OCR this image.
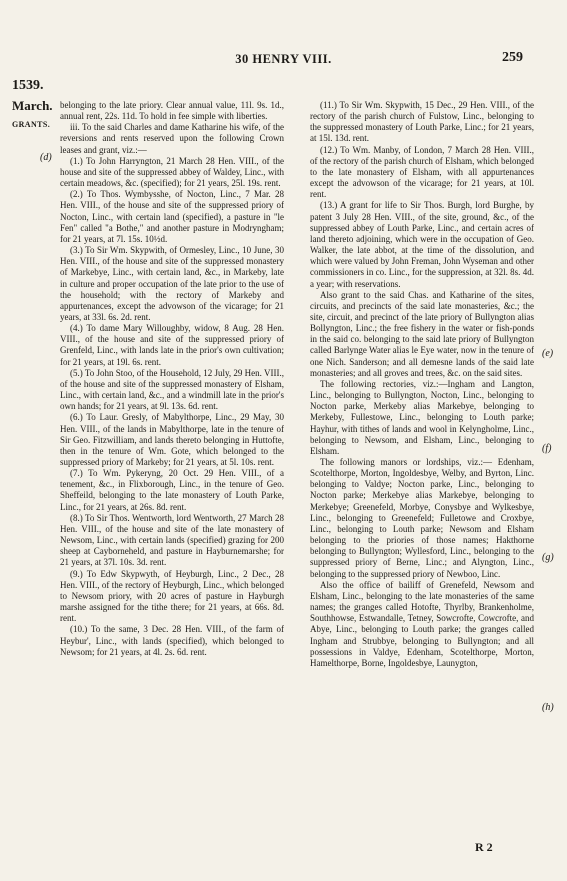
30 HENRY VIII.	259
1539.
March.
GRANTS.
(d)
(e)
(f)
(g)
(h)

belonging to the late priory. Clear annual value, 11l. 9s. 1d., annual rent, 22s. 11d. To hold in fee simple with liberties.

iii. To the said Charles and dame Katharine his wife, of the reversions and rents reserved upon the following Crown leases and grant, viz.:—

(1.) To John Harryngton, 21 March 28 Hen. VIII., of the house and site of the suppressed abbey of Waldey, Linc., with certain meadows, &c. (specified); for 21 years, 25l. 19s. rent.

(2.) To Thos. Wymbysshe, of Nocton, Linc., 7 Mar. 28 Hen. VIII., of the house and site of the suppressed priory of Nocton, Linc., with certain land (specified), a pasture in "le Fen" called "a Bothe," and another pasture in Modryngham; for 21 years, at 7l. 15s. 10½d.

(3.) To Sir Wm. Skypwith, of Ormesley, Linc., 10 June, 30 Hen. VIII., of the house and site of the suppressed monastery of Markebye, Linc., with certain land, &c., in Markeby, late in culture and proper occupation of the late prior to the use of the household; with the rectory of Markeby and appurtenances, except the advowson of the vicarage; for 21 years, at 33l. 6s. 2d. rent.

(4.) To dame Mary Willoughby, widow, 8 Aug. 28 Hen. VIII., of the house and site of the suppressed priory of Grenfeld, Linc., with lands late in the prior's own cultivation; for 21 years, at 19l. 6s. rent.

(5.) To John Stoo, of the Household, 12 July, 29 Hen. VIII., of the house and site of the suppressed monastery of Elsham, Linc., with certain land, &c., and a windmill late in the prior's own hands; for 21 years, at 9l. 13s. 6d. rent.

(6.) To Laur. Gresly, of Mabylthorpe, Linc., 29 May, 30 Hen. VIII., of the lands in Mabylthorpe, late in the tenure of Sir Geo. Fitzwilliam, and lands thereto belonging in Huttofte, then in the tenure of Wm. Gote, which belonged to the suppressed priory of Markeby; for 21 years, at 5l. 10s. rent.

(7.) To Wm. Pykeryng, 20 Oct. 29 Hen. VIII., of a tenement, &c., in Flixborough, Linc., in the tenure of Geo. Sheffeild, belonging to the late monastery of Louth Parke, Linc., for 21 years, at 26s. 8d. rent.

(8.) To Sir Thos. Wentworth, lord Wentworth, 27 March 28 Hen. VIII., of the house and site of the late monastery of Newsom, Linc., with certain lands (specified) grazing for 200 sheep at Cayborneheld, and pasture in Hayburnemarshe; for 21 years, at 37l. 10s. 3d. rent.

(9.) To Edw Skypwyth, of Heyburgh, Linc., 2 Dec., 28 Hen. VIII., of the rectory of Heyburgh, Linc., which belonged to Newsom priory, with 20 acres of pasture in Hayburgh marshe assigned for the tithe there; for 21 years, at 66s. 8d. rent.

(10.) To the same, 3 Dec. 28 Hen. VIII., of the farm of Heybur', Linc., with lands (specified), which belonged to Newsom; for 21 years, at 4l. 2s. 6d. rent.

(11.) To Sir Wm. Skypwith, 15 Dec., 29 Hen. VIII., of the rectory of the parish church of Fulstow, Linc., belonging to the suppressed monastery of Louth Parke, Linc.; for 21 years, at 15l. 13d. rent.

(12.) To Wm. Manby, of London, 7 March 28 Hen. VIII., of the rectory of the parish church of Elsham, which belonged to the late monastery of Elsham, with all appurtenances except the advowson of the vicarage; for 21 years, at 10l. rent.

(13.) A grant for life to Sir Thos. Burgh, lord Burghe, by patent 3 July 28 Hen. VIII., of the site, ground, &c., of the suppressed abbey of Louth Parke, Linc., and certain acres of land thereto adjoining, which were in the occupation of Geo. Walker, the late abbot, at the time of the dissolution, and which were valued by John Freman, John Wyseman and other commissioners in co. Linc., for the suppression, at 32l. 8s. 4d. a year; with reservations.

Also grant to the said Chas. and Katharine of the sites, circuits, and precincts of the said late monasteries, &c.; the site, circuit, and precinct of the late priory of Bullyngton alias Bollyngton, Linc.; the free fishery in the water or fish-ponds in the said co. belonging to the said late priory of Bullyngton called Barlynge Water alias le Eye water, now in the tenure of one Nich. Sanderson; and all demesne lands of the said late monasteries; and all groves and trees, &c. on the said sites.

The following rectories, viz.:—Ingham and Langton, Linc., belonging to Bullyngton, Nocton, Linc., belonging to Nocton parke, Merkeby alias Markebye, belonging to Merkeby, Fullestowe, Linc., belonging to Louth parke; Hayhur, with tithes of lands and wool in Kelyngholme, Linc., belonging to Newsom, and Elsham, Linc., belonging to Elsham.

The following manors or lordships, viz.:— Edenham, Scotelthorpe, Morton, Ingoldesbye, Welby, and Byrton, Linc. belonging to Valdye; Nocton parke, Linc., belonging to Nocton parke; Merkebye alias Markebye, belonging to Merkebye; Greenefeld, Morbye, Conysbye and Wylkesbye, Linc., belonging to Greenefeld; Fulletowe and Croxbye, Linc., belonging to Louth parke; Newsom and Elsham belonging to the priories of those names; Hakthorne belonging to Bullyngton; Wyllesford, Linc., belonging to the suppressed priory of Berne, Linc.; and Alyngton, Linc., belonging to the suppressed priory of Newboo, Linc.

Also the office of bailiff of Grenefeld, Newsom and Elsham, Linc., belonging to the late monasteries of the same names; the granges called Hotofte, Thyrlby, Brankenholme, Southhowse, Estwandalle, Tetney, Sowcrofte, Cowcrofte, and Abye, Linc., belonging to Louth parke; the granges called Ingham and Strubbye, belonging to Bullyngton; and all possessions in Valdye, Edenham, Scotelthorpe, Morton, Hamelthorpe, Borne, Ingoldesbye, Launygton,

R 2
